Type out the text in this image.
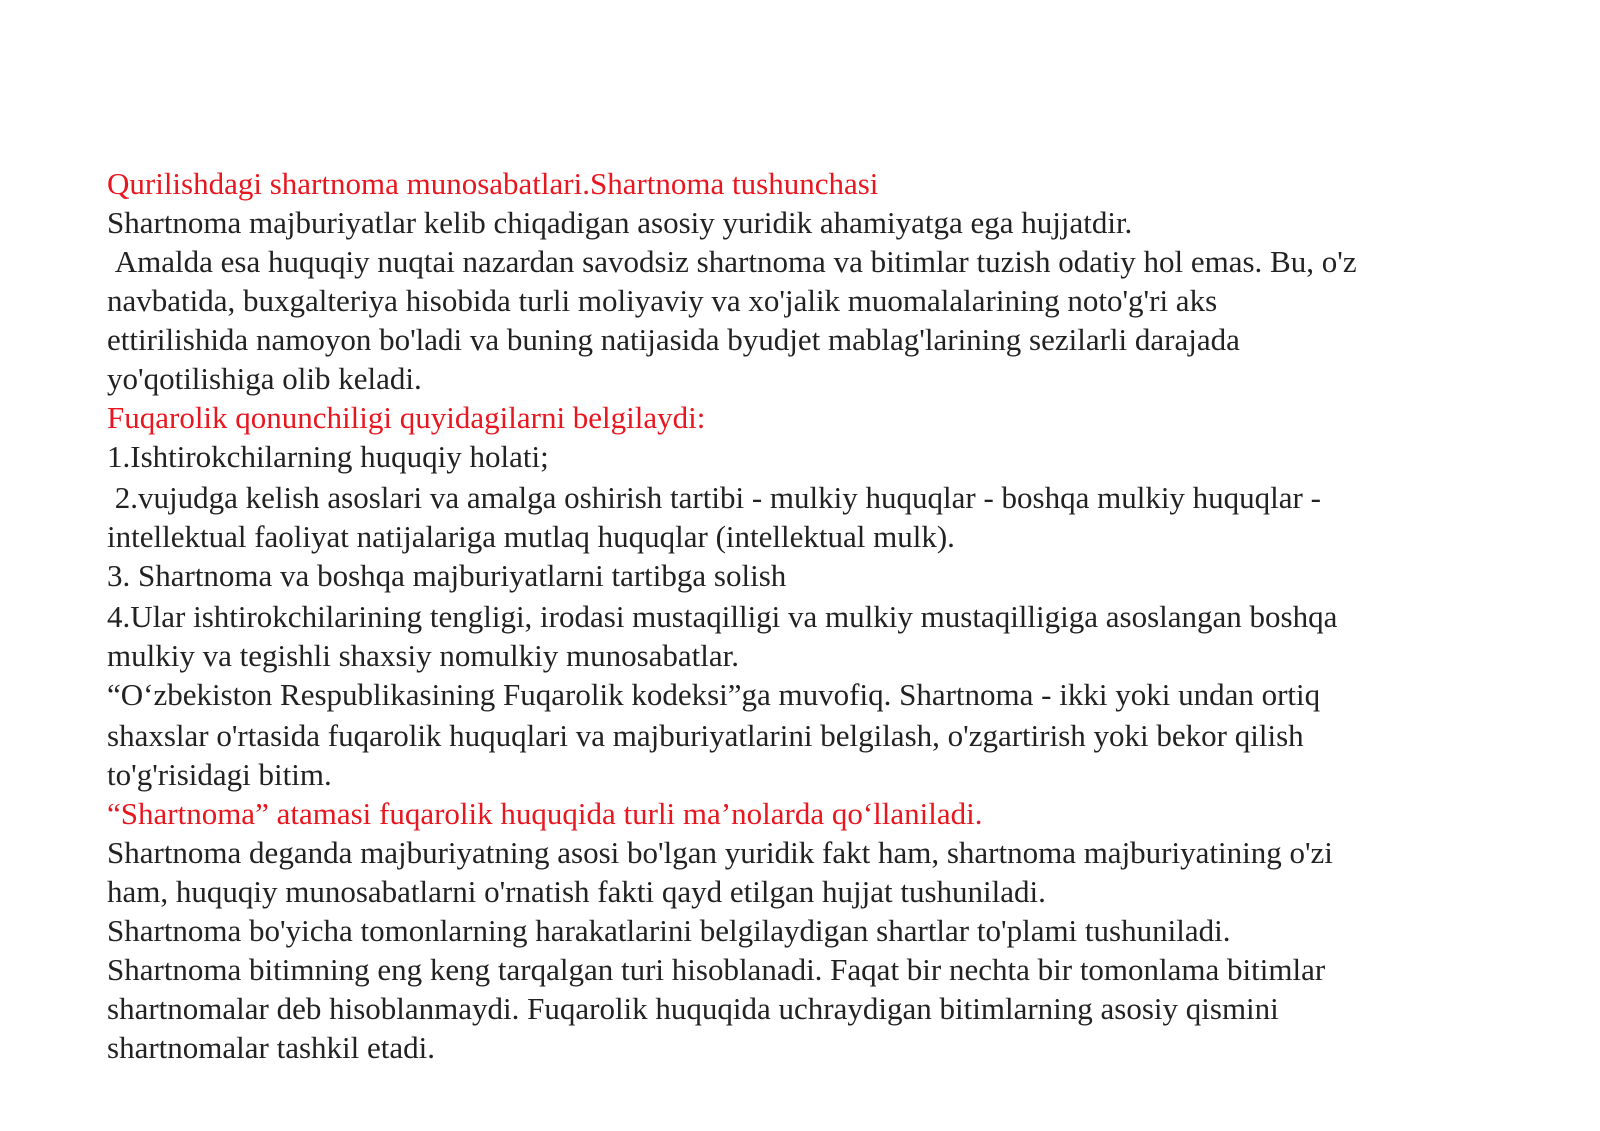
Qurilishdagi shartnoma munosabatlari.Shartnoma tushunchasi
Shartnoma majburiyatlar kelib chiqadigan asosiy yuridik ahamiyatga ega hujjatdir.
Amalda esa huquqiy nuqtai nazardan savodsiz shartnoma va bitimlar tuzish odatiy hol emas. Bu, o'z
navbatida, buxgalteriya hisobida turli moliyaviy va xo'jalik muomalalarining noto'g'ri aks
ettirilishida namoyon bo'ladi va buning natijasida byudjet mablag'larining sezilarli darajada
yo'qotilishiga olib keladi.
Fuqarolik qonunchiligi quyidagilarni belgilaydi:
1.Ishtirokchilarning huquqiy holati;
2.vujudga kelish asoslari va amalga oshirish tartibi - mulkiy huquqlar - boshqa mulkiy huquqlar -
intellektual faoliyat natijalariga mutlaq huquqlar (intellektual mulk).
3. Shartnoma va boshqa majburiyatlarni tartibga solish
4.Ular ishtirokchilarining tengligi, irodasi mustaqilligi va mulkiy mustaqilligiga asoslangan boshqa
mulkiy va tegishli shaxsiy nomulkiy munosabatlar.
“O‘zbekiston Respublikasining Fuqarolik kodeksi”ga muvofiq. Shartnoma - ikki yoki undan ortiq
shaxslar o'rtasida fuqarolik huquqlari va majburiyatlarini belgilash, o'zgartirish yoki bekor qilish
to'g'risidagi bitim.
“Shartnoma” atamasi fuqarolik huquqida turli ma’nolarda qo‘llaniladi.
Shartnoma deganda majburiyatning asosi bo'lgan yuridik fakt ham, shartnoma majburiyatining o'zi
ham, huquqiy munosabatlarni o'rnatish fakti qayd etilgan hujjat tushuniladi.
Shartnoma bo'yicha tomonlarning harakatlarini belgilaydigan shartlar to'plami tushuniladi.
Shartnoma bitimning eng keng tarqalgan turi hisoblanadi. Faqat bir nechta bir tomonlama bitimlar
shartnomalar deb hisoblanmaydi. Fuqarolik huquqida uchraydigan bitimlarning asosiy qismini
shartnomalar tashkil etadi.
